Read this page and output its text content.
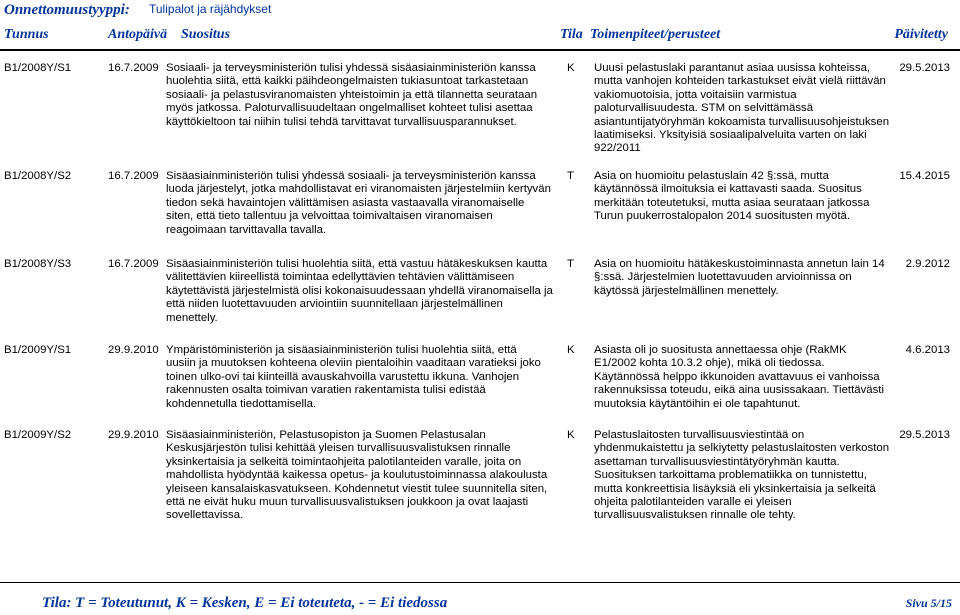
Onnettomuustyyppi: Tulipalot ja räjähdykset
Tunnus	Antopäivä Suositus	Tila Toimenpiteet/perusteet	Päivitetty
B1/2008Y/S1	16.7.2009 Sosiaali- ja terveysministeriön tulisi yhdessä sisäasiainministeriön kanssa
huolehtia siitä, että kaikki päihdeongelmaisten tukiasuntoat tarkastetaan
sosiaali- ja pelastusviranomaisten yhteistoimin ja että tilannetta seurataan
myös jatkossa. Paloturvallisuudeltaan ongelmalliset kohteet tulisi asettaa
käyttökieltoon tai niihin tulisi tehdä tarvittavat turvallisuusparannukset.
K Uuusi pelastuslaki parantanut asiaa uusissa kohteissa,
mutta vanhojen kohteiden tarkastukset eivät vielä riittävän
vakiomuotoisia, jotta voitaisiin varmistua
paloturvallisuudesta. STM on selvittämässä
asiantuntijatyöryhmän kokoamista turvallisuusohjeistuksen
laatimiseksi. Yksityisiä sosiaalipalveluita varten on laki
922/2011
29.5.2013
B1/2008Y/S2	16.7.2009 Sisäasiainministeriön tulisi yhdessä sosiaali- ja terveysministeriön kanssa
luoda järjestelyt, jotka mahdollistavat eri viranomaisten järjestelmiin kertyvän
tiedon sekä havaintojen välittämisen asiasta vastaavalla viranomaiselle
siten, että tieto tallentuu ja velvoittaa toimivaltaisen viranomaisen
reagoimaan tarvittavalla tavalla.
T Asia on huomioitu pelastuslain 42 §:ssä, mutta
käytännössä ilmoituksia ei kattavasti saada. Suositus
merkitään toteutetuksi, mutta asiaa seurataan jatkossa
Turun puukerrostalopalon 2014 suositusten myötä.
15.4.2015
B1/2008Y/S3	16.7.2009 Sisäasiainministeriön tulisi huolehtia siitä, että vastuu hätäkeskuksen kautta
välitettävien kiireellistä toimintaa edellyttävien tehtävien välittämiseen
käytettävistä järjestelmistä olisi kokonaisuudessaan yhdellä viranomaisella ja
että niiden luotettavuuden arviointiin suunnitellaan järjestelmällinen
menettely.
T Asia on huomioitu hätäkeskustoiminnasta annetun lain 14
§:ssä. Järjestelmien luotettavuuden arvioinnissa on
käytössä järjestelmällinen menettely.
2.9.2012
B1/2009Y/S1	29.9.2010 Ympäristöministeriön ja sisäasiainministeriön tulisi huolehtia siitä, että
uusiin ja muutoksen kohteena oleviin pientaloihin vaaditaan varatieksi joko
toinen ulko-ovi tai kiinteillä avauskahvoilla varustettu ikkuna. Vanhojen
rakennusten osalta toimivan varatien rakentamista tulisi edistää
kohdennetulla tiedottamisella.
K Asiasta oli jo suositusta annettaessa ohje (RakMK
E1/2002 kohta 10.3.2 ohje), mikä oli tiedossa.
Käytännössä helppo ikkunoiden avattavuus ei vanhoissa
rakennuksissa toteudu, eikä aina uusissakaan. Tiettävästi
muutoksia käytäntöihin ei ole tapahtunut.
4.6.2013
B1/2009Y/S2	29.9.2010 Sisäasiainministeriön, Pelastusopiston ja Suomen Pelastusalan
Keskusjärjestön tulisi kehittää yleisen turvallisuusvalistuksen rinnalle
yksinkertaisia ja selkeitä toimintaohjeita palotilanteiden varalle, joita on
mahdollista hyödyntää kaikessa opetus- ja koulutustoiminnassa alakoulusta
yleiseen kansalaiskasvatukseen. Kohdennetut viestit tulee suunnitella siten,
että ne eivät huku muun turvallisuusvalistuksen joukkoon ja ovat laajasti
sovellettavissa.
K Pelastuslaitosten turvallisuusviestintää on
yhdenmukaistettu ja selkiytetty pelastuslaitosten verkoston
asettaman turvallisuusviestintätyöryhmän kautta.
Suosituksen tarkoittama problematiikka on tunnistettu,
mutta konkreettisia lisäyksiä eli yksinkertaisia ja selkeitä
ohjeita palotilanteiden varalle ei yleisen
turvallisuusvalistuksen rinnalle ole tehty.
29.5.2013
Tila: T = Toteutunut, K = Kesken, E = Ei toteuteta, - = Ei tiedossa	Sivu 5/15
